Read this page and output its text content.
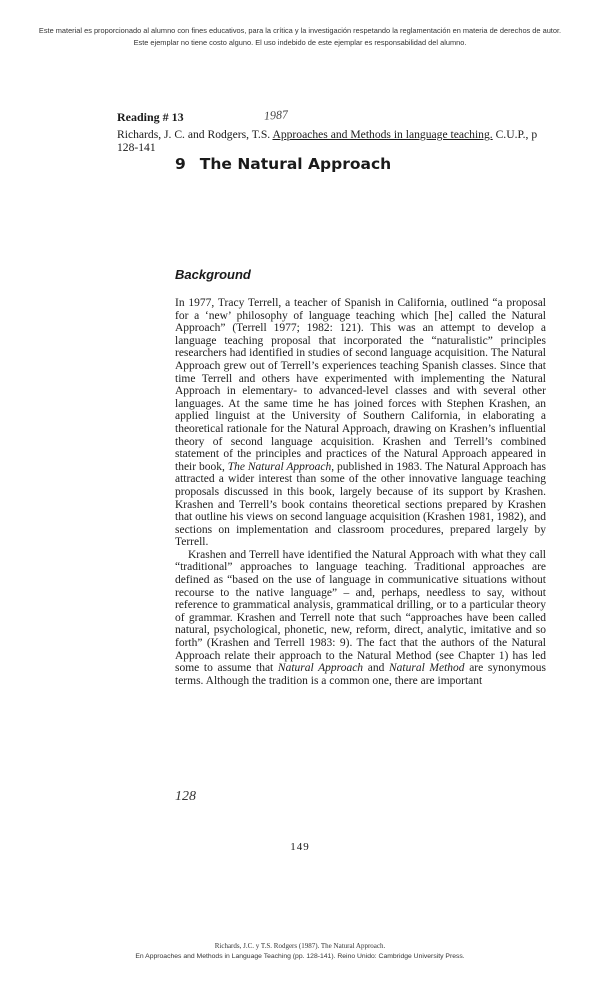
Este material es proporcionado al alumno con fines educativos, para la crítica y la investigación respetando la reglamentación en materia de derechos de autor.
Este ejemplar no tiene costo alguno. El uso indebido de este ejemplar es responsabilidad del alumno.
Reading # 13	1987
Richards, J. C. and Rodgers, T.S. Approaches and Methods in language teaching. C.U.P., p
128-141
9 The Natural Approach
Background

In 1977, Tracy Terrell, a teacher of Spanish in California, outlined “a proposal for a ‘new’ philosophy of language teaching which [he] called the Natural Approach” (Terrell 1977; 1982: 121). This was an attempt to develop a language teaching proposal that incorporated the “naturalistic” principles researchers had identified in studies of second language acquisition. The Natural Approach grew out of Terrell’s experiences teaching Spanish classes. Since that time Terrell and others have experimented with implementing the Natural Approach in elementary- to advanced-level classes and with several other languages. At the same time he has joined forces with Stephen Krashen, an applied linguist at the University of Southern California, in elaborating a theoretical rationale for the Natural Approach, drawing on Krashen’s influential theory of second language acquisition. Krashen and Terrell’s combined statement of the principles and practices of the Natural Approach appeared in their book, The Natural Approach, published in 1983. The Natural Approach has attracted a wider interest than some of the other innovative language teaching proposals discussed in this book, largely because of its support by Krashen. Krashen and Terrell’s book contains theoretical sections prepared by Krashen that outline his views on second language acquisition (Krashen 1981, 1982), and sections on implementation and classroom procedures, prepared largely by Terrell.

Krashen and Terrell have identified the Natural Approach with what they call “traditional” approaches to language teaching. Traditional approaches are defined as “based on the use of language in communicative situations without recourse to the native language” – and, perhaps, needless to say, without reference to grammatical analysis, grammatical drilling, or to a particular theory of grammar. Krashen and Terrell note that such “approaches have been called natural, psychological, phonetic, new, reform, direct, analytic, imitative and so forth” (Krashen and Terrell 1983: 9). The fact that the authors of the Natural Approach relate their approach to the Natural Method (see Chapter 1) has led some to assume that Natural Approach and Natural Method are synonymous terms. Although the tradition is a common one, there are important

128
149
Richards, J.C. y T.S. Rodgers (1987). The Natural Approach.
En Approaches and Methods in Language Teaching (pp. 128-141). Reino Unido: Cambridge University Press.
